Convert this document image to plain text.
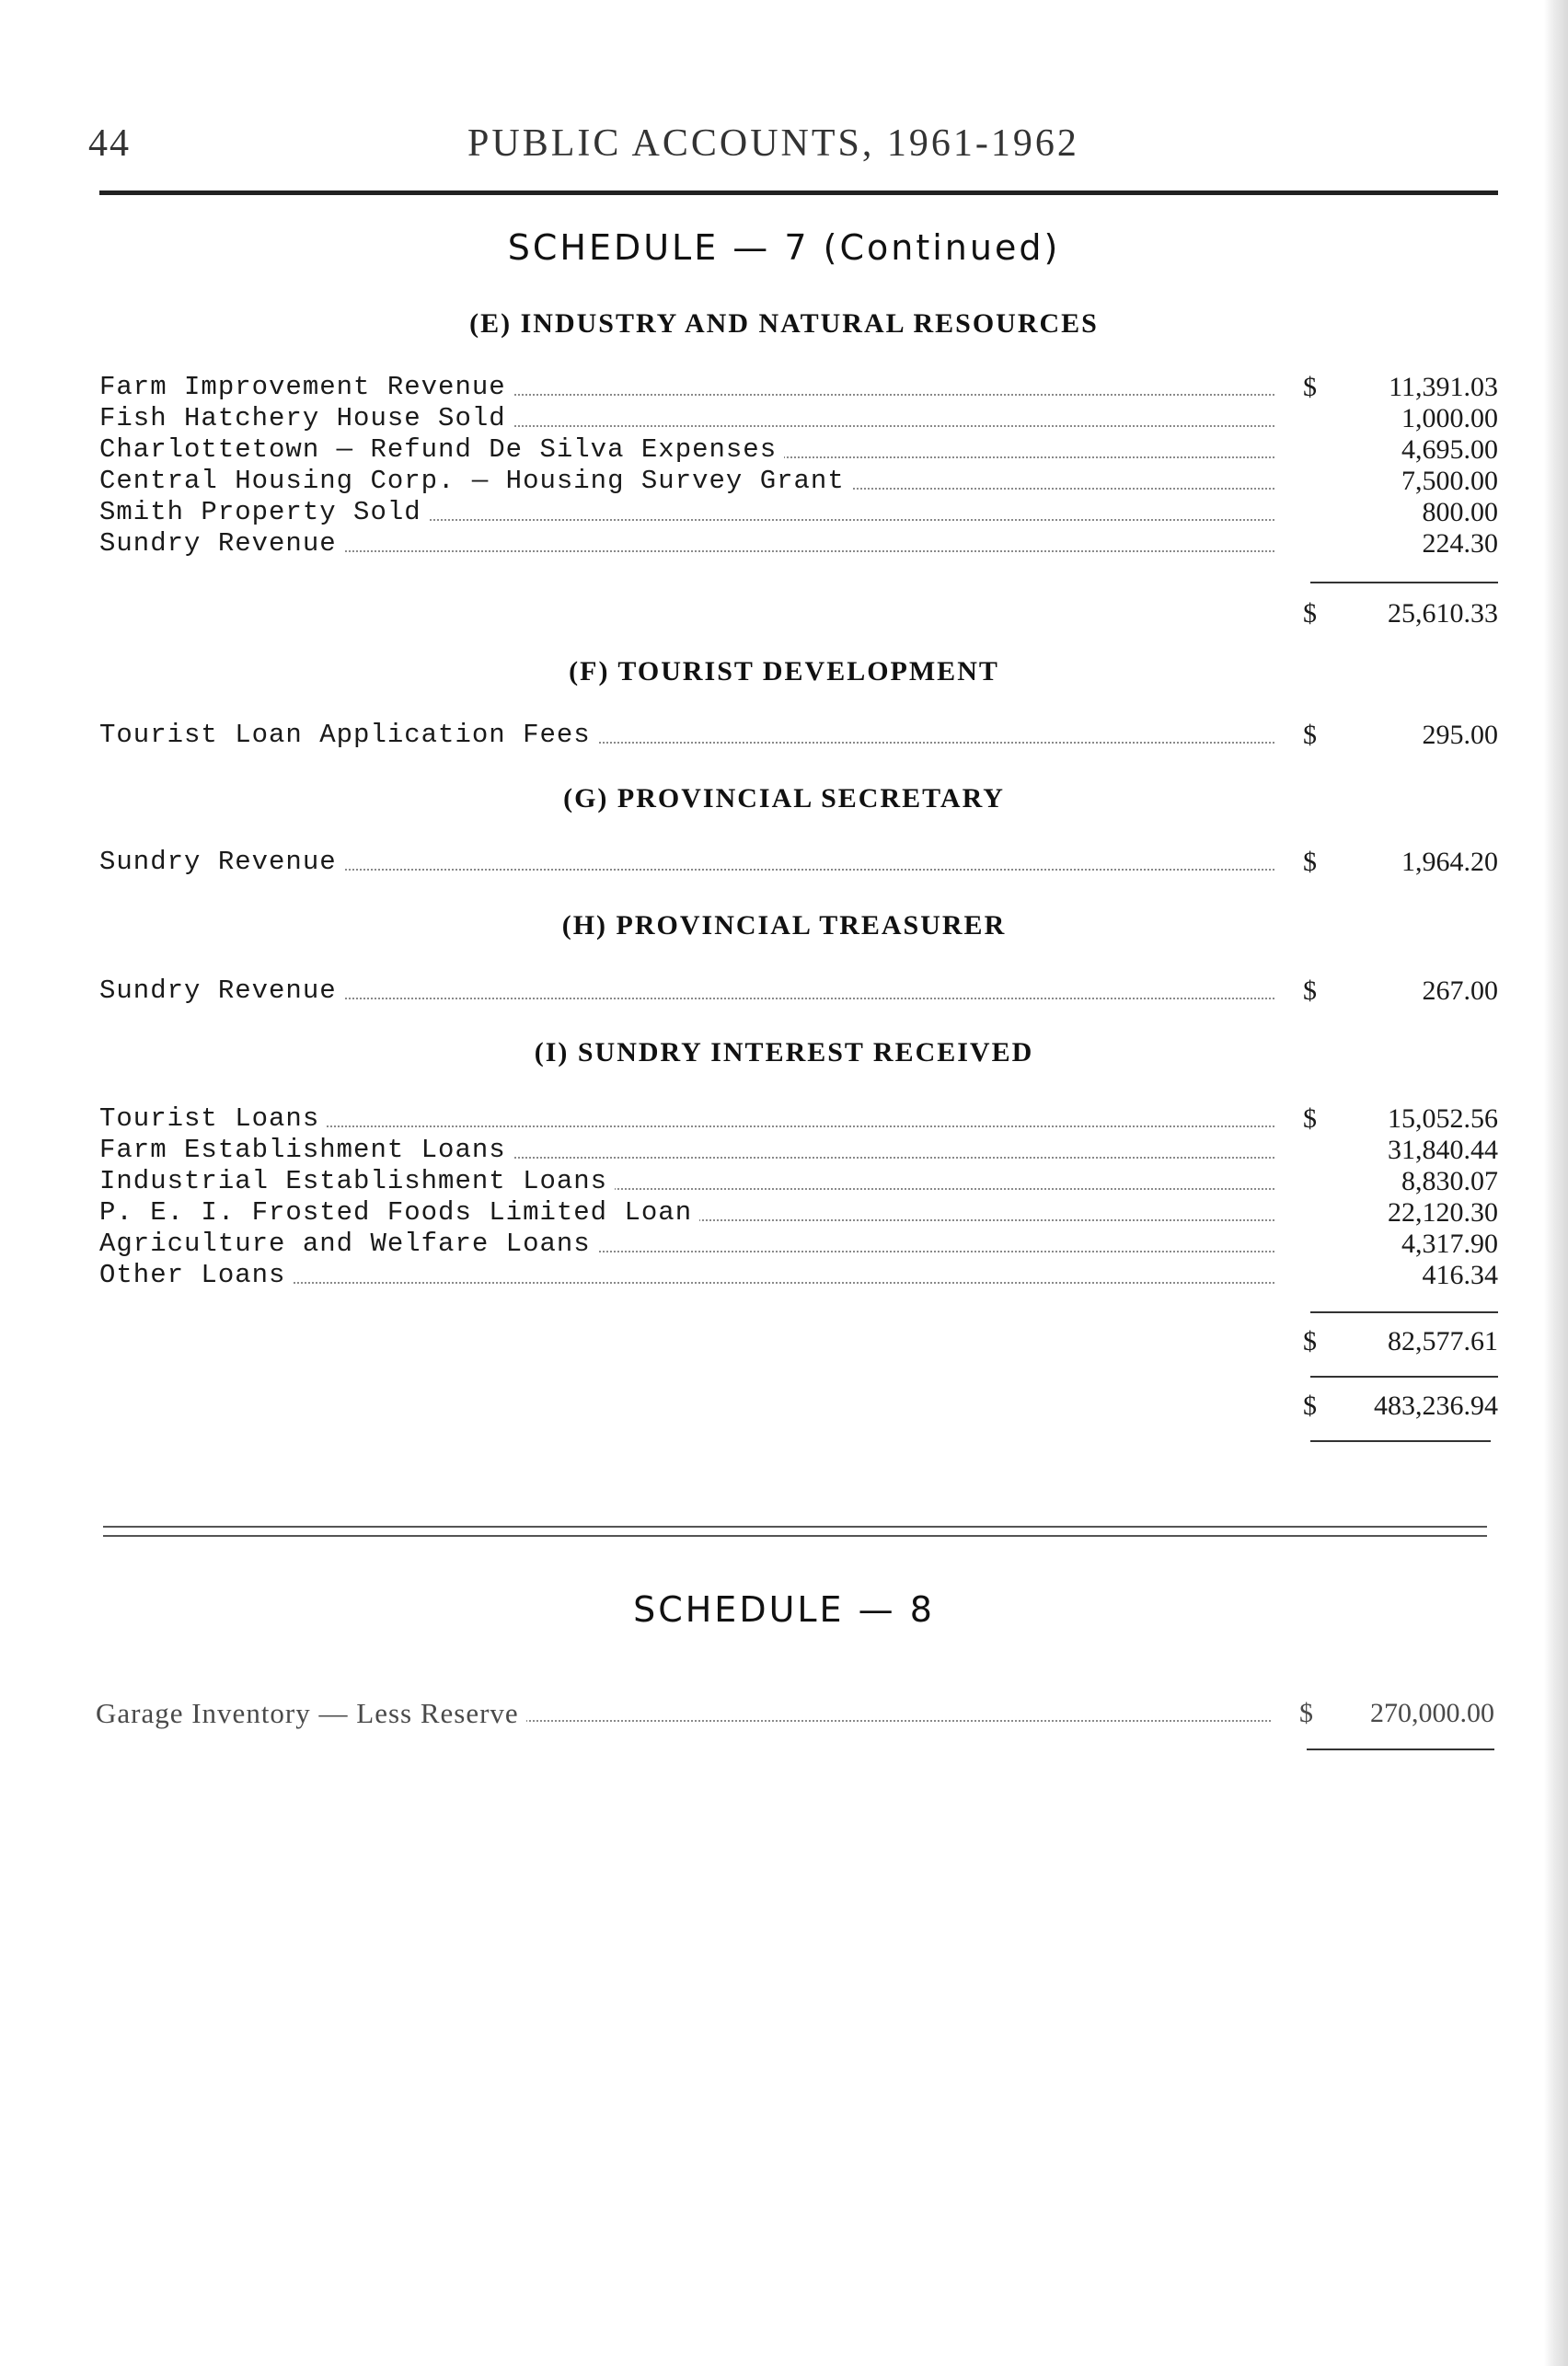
44	PUBLIC ACCOUNTS, 1961-1962
SCHEDULE — 7 (Continued)
(E) INDUSTRY AND NATURAL RESOURCES
Farm Improvement Revenue	$	11,391.03
Fish Hatchery House Sold	1,000.00
Charlottetown — Refund De Silva Expenses	4,695.00
Central Housing Corp. — Housing Survey Grant	7,500.00
Smith Property Sold	800.00
Sundry Revenue	224.30
$	25,610.33
(F) TOURIST DEVELOPMENT
Tourist Loan Application Fees	$	295.00
(G) PROVINCIAL SECRETARY
Sundry Revenue	$	1,964.20
(H) PROVINCIAL TREASURER
Sundry Revenue	$	267.00
(I) SUNDRY INTEREST RECEIVED
Tourist Loans	$	15,052.56
Farm Establishment Loans	31,840.44
Industrial Establishment Loans	8,830.07
P. E. I. Frosted Foods Limited Loan	22,120.30
Agriculture and Welfare Loans	4,317.90
Other Loans	416.34
$	82,577.61
$ 483,236.94
SCHEDULE — 8
Garage Inventory — Less Reserve	$ 270,000.00
